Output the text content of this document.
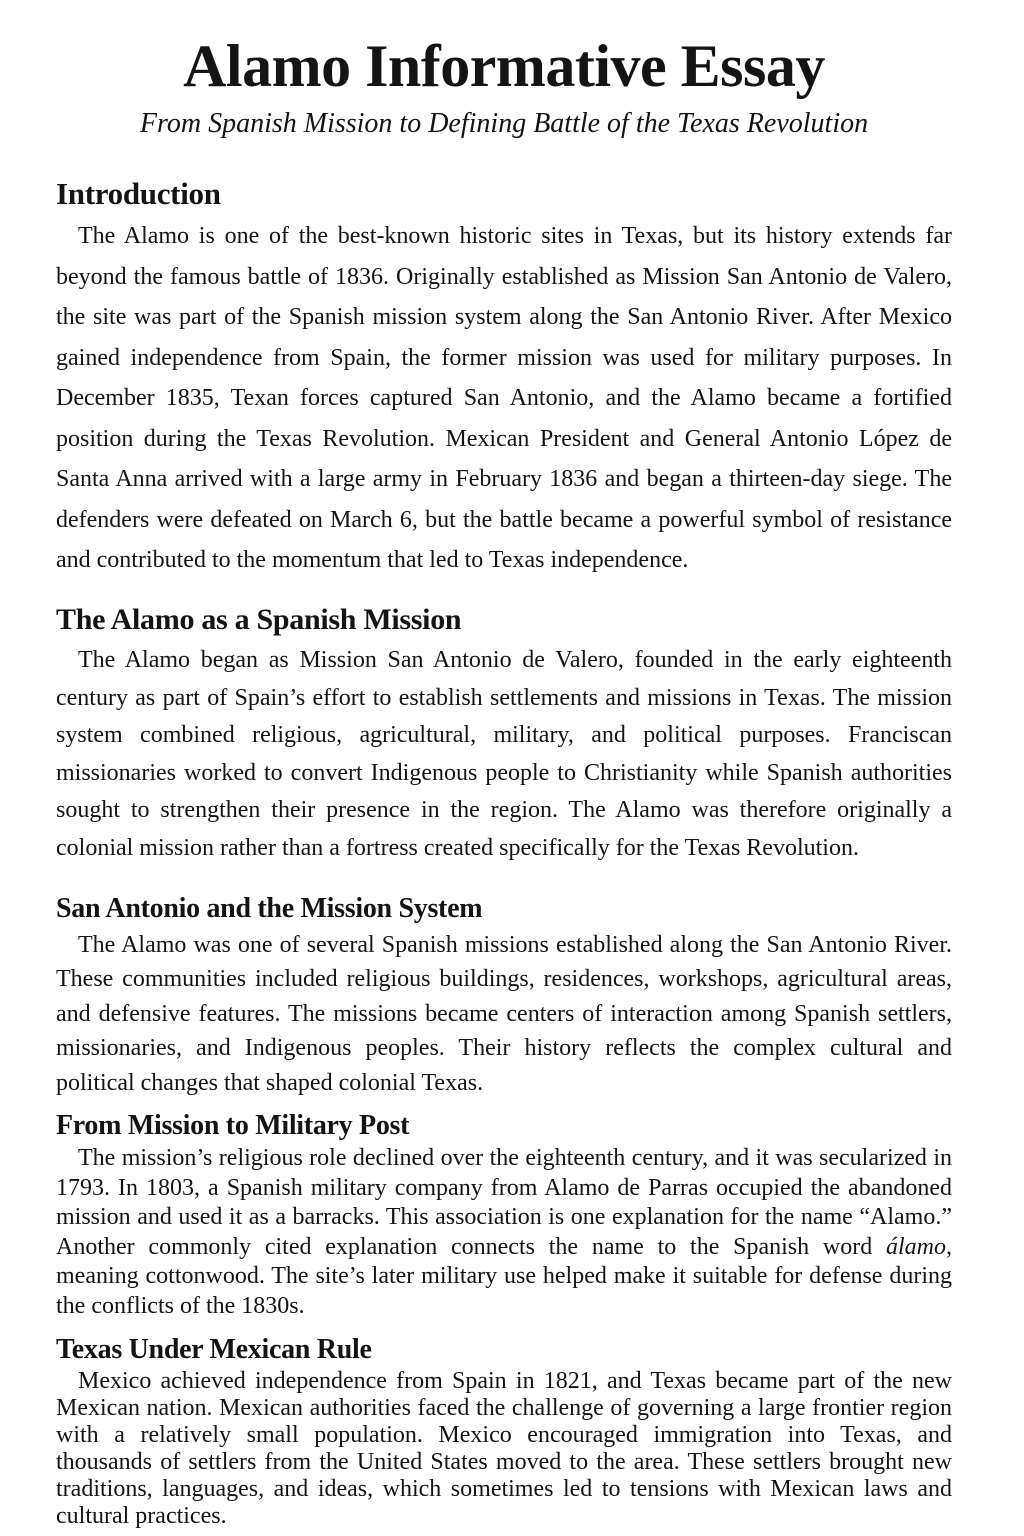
Alamo Informative Essay
From Spanish Mission to Defining Battle of the Texas Revolution
Introduction

The Alamo is one of the best-known historic sites in Texas, but its history extends far beyond the famous battle of 1836. Originally established as Mission San Antonio de Valero, the site was part of the Spanish mission system along the San Antonio River. After Mexico gained independence from Spain, the former mission was used for military purposes. In December 1835, Texan forces captured San Antonio, and the Alamo became a fortified position during the Texas Revolution. Mexican President and General Antonio López de Santa Anna arrived with a large army in February 1836 and began a thirteen-day siege. The defenders were defeated on March 6, but the battle became a powerful symbol of resistance and contributed to the momentum that led to Texas independence.

The Alamo as a Spanish Mission

The Alamo began as Mission San Antonio de Valero, founded in the early eighteenth century as part of Spain’s effort to establish settlements and missions in Texas. The mission system combined religious, agricultural, military, and political purposes. Franciscan missionaries worked to convert Indigenous people to Christianity while Spanish authorities sought to strengthen their presence in the region. The Alamo was therefore originally a colonial mission rather than a fortress created specifically for the Texas Revolution.

San Antonio and the Mission System

The Alamo was one of several Spanish missions established along the San Antonio River. These communities included religious buildings, residences, workshops, agricultural areas, and defensive features. The missions became centers of interaction among Spanish settlers, missionaries, and Indigenous peoples. Their history reflects the complex cultural and political changes that shaped colonial Texas.

From Mission to Military Post

The mission’s religious role declined over the eighteenth century, and it was secularized in 1793. In 1803, a Spanish military company from Alamo de Parras occupied the abandoned mission and used it as a barracks. This association is one explanation for the name “Alamo.” Another commonly cited explanation connects the name to the Spanish word álamo, meaning cottonwood. The site’s later military use helped make it suitable for defense during the conflicts of the 1830s.

Texas Under Mexican Rule

Mexico achieved independence from Spain in 1821, and Texas became part of the new Mexican nation. Mexican authorities faced the challenge of governing a large frontier region with a relatively small population. Mexico encouraged immigration into Texas, and thousands of settlers from the United States moved to the area. These settlers brought new traditions, languages, and ideas, which sometimes led to tensions with Mexican laws and cultural practices.
